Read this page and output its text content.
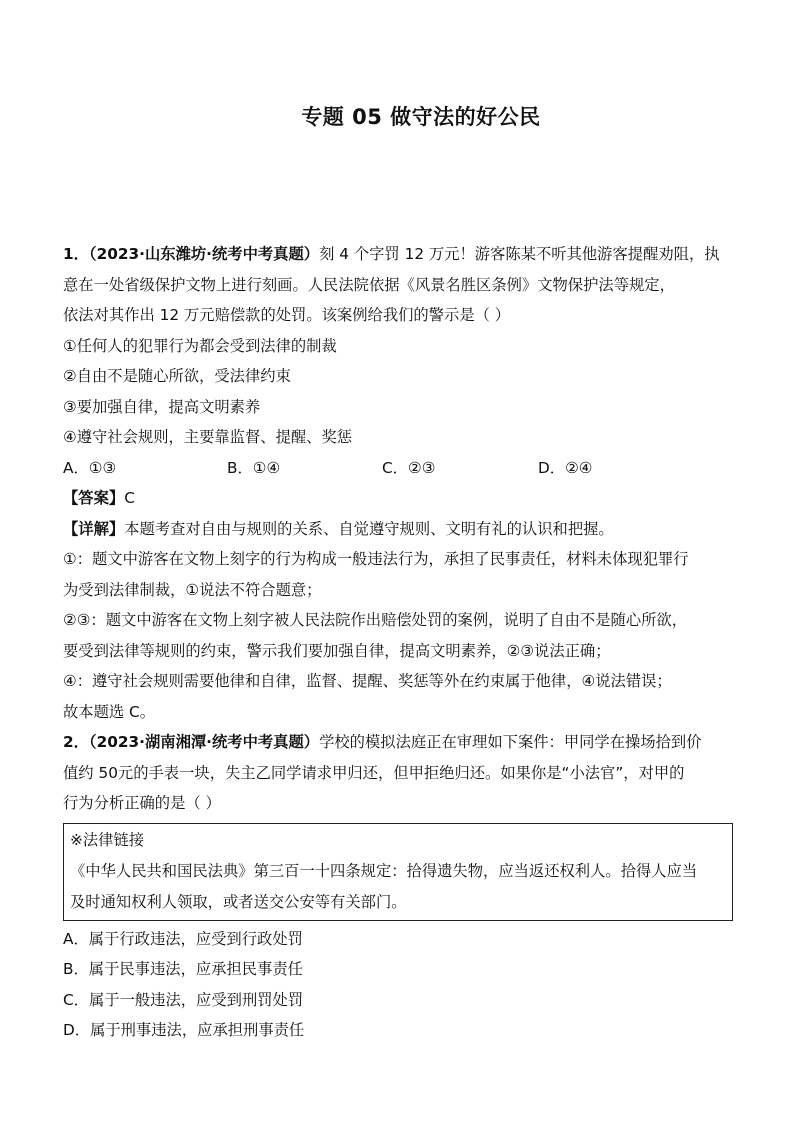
专题 05 做守法的好公民

1．（2023·山东潍坊·统考中考真题）刻 4 个字罚 12 万元！游客陈某不听其他游客提醒劝阻，执

意在一处省级保护文物上进行刻画。人民法院依据《风景名胜区条例》文物保护法等规定，

依法对其作出 12 万元赔偿款的处罚。该案例给我们的警示是（ ）

①任何人的犯罪行为都会受到法律的制裁

②自由不是随心所欲，受法律约束

③要加强自律，提高文明素养

④遵守社会规则，主要靠监督、提醒、奖惩

A．①③	B．①④	C．②③	D．②④

【答案】C

【详解】本题考查对自由与规则的关系、自觉遵守规则、文明有礼的认识和把握。

①：题文中游客在文物上刻字的行为构成一般违法行为，承担了民事责任，材料未体现犯罪行

为受到法律制裁，①说法不符合题意；

②③：题文中游客在文物上刻字被人民法院作出赔偿处罚的案例，说明了自由不是随心所欲，

要受到法律等规则的约束，警示我们要加强自律，提高文明素养，②③说法正确；

④：遵守社会规则需要他律和自律，监督、提醒、奖惩等外在约束属于他律，④说法错误；

故本题选 C。

2．（2023·湖南湘潭·统考中考真题）学校的模拟法庭正在审理如下案件：甲同学在操场拾到价

值约 50元的手表一块，失主乙同学请求甲归还，但甲拒绝归还。如果你是“小法官”，对甲的

行为分析正确的是（ ）

※法律链接
《中华人民共和国民法典》第三百一十四条规定：拾得遗失物，应当返还权利人。拾得人应当
及时通知权利人领取，或者送交公安等有关部门。

A．属于行政违法，应受到行政处罚

B．属于民事违法，应承担民事责任

C．属于一般违法，应受到刑罚处罚

D．属于刑事违法，应承担刑事责任
